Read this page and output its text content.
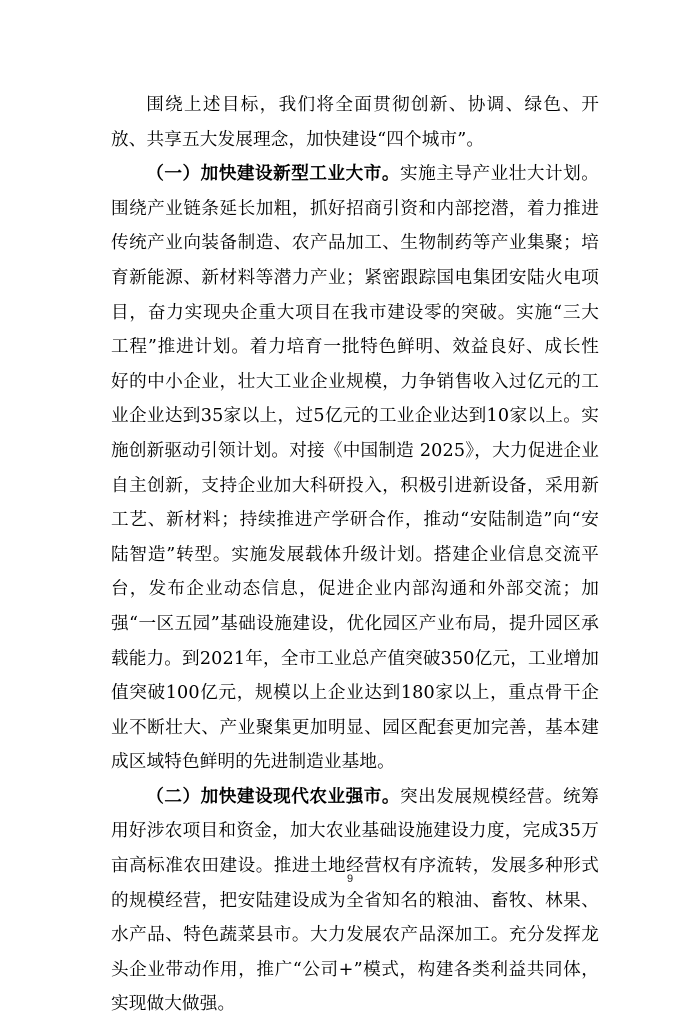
围绕上述目标，我们将全面贯彻创新、协调、绿色、开放、共享五大发展理念，加快建设“四个城市”。

（一）加快建设新型工业大市。实施主导产业壮大计划。围绕产业链条延长加粗，抓好招商引资和内部挖潜，着力推进传统产业向装备制造、农产品加工、生物制药等产业集聚；培育新能源、新材料等潜力产业；紧密跟踪国电集团安陆火电项目，奋力实现央企重大项目在我市建设零的突破。实施“三大工程”推进计划。着力培育一批特色鲜明、效益良好、成长性好的中小企业，壮大工业企业规模，力争销售收入过亿元的工业企业达到35家以上，过5亿元的工业企业达到10家以上。实施创新驱动引领计划。对接《中国制造 2025》，大力促进企业自主创新，支持企业加大科研投入，积极引进新设备，采用新工艺、新材料；持续推进产学研合作，推动“安陆制造”向“安陆智造”转型。实施发展载体升级计划。搭建企业信息交流平台，发布企业动态信息，促进企业内部沟通和外部交流；加强“一区五园”基础设施建设，优化园区产业布局，提升园区承载能力。到2021年，全市工业总产值突破350亿元，工业增加值突破100亿元，规模以上企业达到180家以上，重点骨干企业不断壮大、产业聚集更加明显、园区配套更加完善，基本建成区域特色鲜明的先进制造业基地。

（二）加快建设现代农业强市。突出发展规模经营。统筹用好涉农项目和资金，加大农业基础设施建设力度，完成35万亩高标准农田建设。推进土地经营权有序流转，发展多种形式的规模经营，把安陆建设成为全省知名的粮油、畜牧、林果、水产品、特色蔬菜县市。大力发展农产品深加工。充分发挥龙头企业带动作用，推广“公司+”模式，构建各类利益共同体，实现做大做强。

9
